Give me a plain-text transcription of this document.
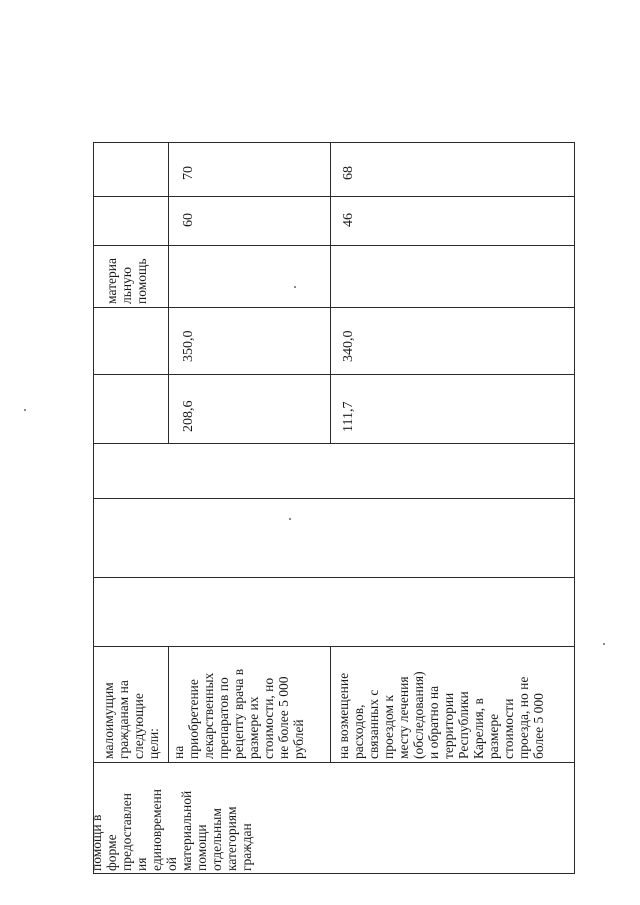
помощи в
форме
предоставлен
ия
единовременн
ой
материальной
помощи
отдельным
категориям
граждан
малоимущим
гражданам на
следующие
цели: на
приобретение
лекарственных
препаратов по
рецепту врача в
размере их
стоимости, но
не более 5 000
рублей на возмещение
расходов,
связанных с
проездом к
месту лечения
(обследования)
и обратно на
территории
Республики
Карелия, в
размере
стоимости
проезда, но не
более 5 000
материа
льную
помощь
208,6
350,0
60
70
111,7
340,0
46
68
